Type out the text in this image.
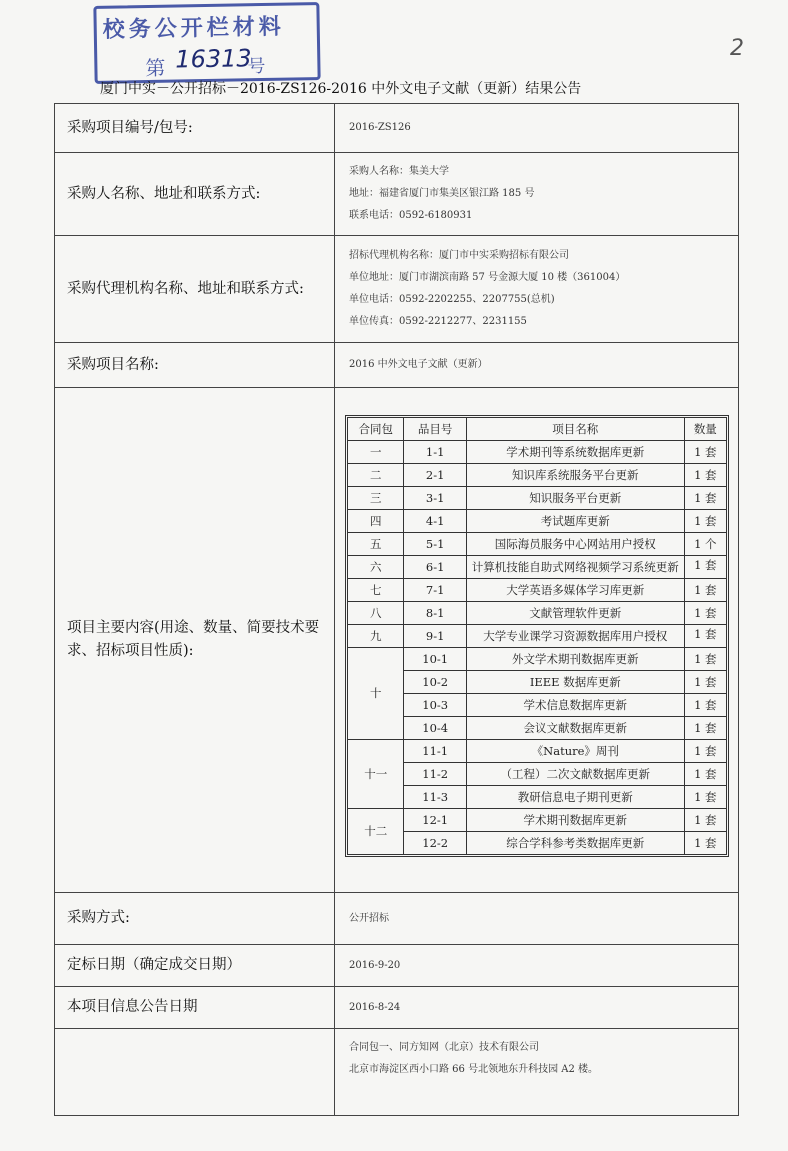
校务公开栏材料
第 16313
号
2
厦门中实－公开招标－2016-ZS126-2016 中外文电子文献（更新）结果公告
采购项目编号/包号:	2016-ZS126
采购人名称、地址和联系方式:	
采购人名称：集美大学
地址：福建省厦门市集美区银江路 185 号
联系电话：0592-6180931

采购代理机构名称、地址和联系方式:	
招标代理机构名称：厦门市中实采购招标有限公司
单位地址：厦门市湖滨南路 57 号金源大厦 10 楼（361004）
单位电话：0592-2202255、2207755(总机)
单位传真：0592-2212277、2231155

采购项目名称:	2016 中外文电子文献（更新）
项目主要内容(用途、数量、简要技术要求、招标项目性质):	
合同包	品目号	项目名称	数量
一	1-1	学术期刊等系统数据库更新	1 套
二	2-1	知识库系统服务平台更新	1 套
三	3-1	知识服务平台更新	1 套
四	4-1	考试题库更新	1 套
五	5-1	国际海员服务中心网站用户授权	1 个
六	6-1	计算机技能自助式网络视频学习系统更新	1 套
七	7-1	大学英语多媒体学习库更新	1 套
八	8-1	文献管理软件更新	1 套
九	9-1	大学专业课学习资源数据库用户授权	1 套
十	10-1	外文学术期刊数据库更新	1 套
10-2	IEEE 数据库更新	1 套
10-3	学术信息数据库更新	1 套
10-4	会议文献数据库更新	1 套
十一	11-1	《Nature》周刊	1 套
11-2	（工程）二次文献数据库更新	1 套
11-3	教研信息电子期刊更新	1 套
十二	12-1	学术期刊数据库更新	1 套
12-2	综合学科参考类数据库更新	1 套

采购方式:	公开招标
定标日期（确定成交日期）	2016-9-20
本项目信息公告日期	2016-8-24

合同包一、同方知网（北京）技术有限公司
北京市海淀区西小口路 66 号北领地东升科技园 A2 楼。
